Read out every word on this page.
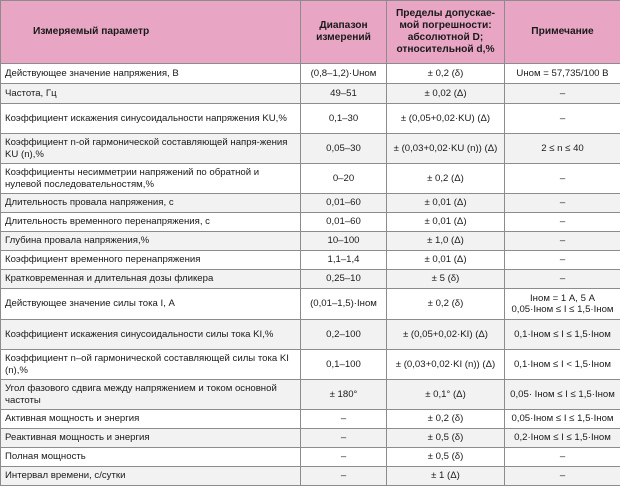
Измеряемый параметр	Диапазон измерений	Пределы допускае-мой погрешности: абсолютной D; относительной d,%	Примечание
Действующее значение напряжения, В	(0,8–1,2)·Uном	± 0,2 (δ)	Uном = 57,735/100 В
Частота, Гц	49–51	± 0,02 (Δ)	–
Коэффициент искажения синусоидальности напряжения KU,%	0,1–30	± (0,05+0,02·KU) (Δ)	–
Коэффициент n-ой гармонической составляющей напря-жения KU (n),%	0,05–30	± (0,03+0,02·KU (n)) (Δ)	2 ≤ n ≤ 40
Коэффициенты несимметрии напряжений по обратной и нулевой последовательностям,%	0–20	± 0,2 (Δ)	–
Длительность провала напряжения, с	0,01–60	± 0,01 (Δ)	–
Длительность временного перенапряжения, с	0,01–60	± 0,01 (Δ)	–
Глубина провала напряжения,%	10–100	± 1,0 (Δ)	–
Коэффициент временного перенапряжения	1,1–1,4	± 0,01 (Δ)	–
Кратковременная и длительная дозы фликера	0,25–10	± 5 (δ)	–
Действующее значение силы тока I, А	(0,01–1,5)·Iном	± 0,2 (δ)	Iном = 1 А, 5 А
0,05·Iном ≤ I ≤ 1,5·Iном

Коэффициент искажения синусоидальности силы тока KI,%	0,2–100	± (0,05+0,02·KI) (Δ)	0,1·Iном ≤ I ≤ 1,5·Iном
Коэффициент n–ой гармонической составляющей силы тока KI (n),%	0,1–100	± (0,03+0,02·KI (n)) (Δ)	0,1·Iном ≤ I < 1,5·Iном
Угол фазового сдвига между напряжением и током основной частоты	± 180°	± 0,1° (Δ)	0,05· Iном ≤ I ≤ 1,5·Iном
Активная мощность и энергия	–	± 0,2 (δ)	0,05·Iном ≤ I ≤ 1,5·Iном
Реактивная мощность и энергия	–	± 0,5 (δ)	0,2·Iном ≤ I ≤ 1,5·Iном
Полная мощность	–	± 0,5 (δ)	–
Интервал времени, с/сутки	–	± 1 (Δ)	–
